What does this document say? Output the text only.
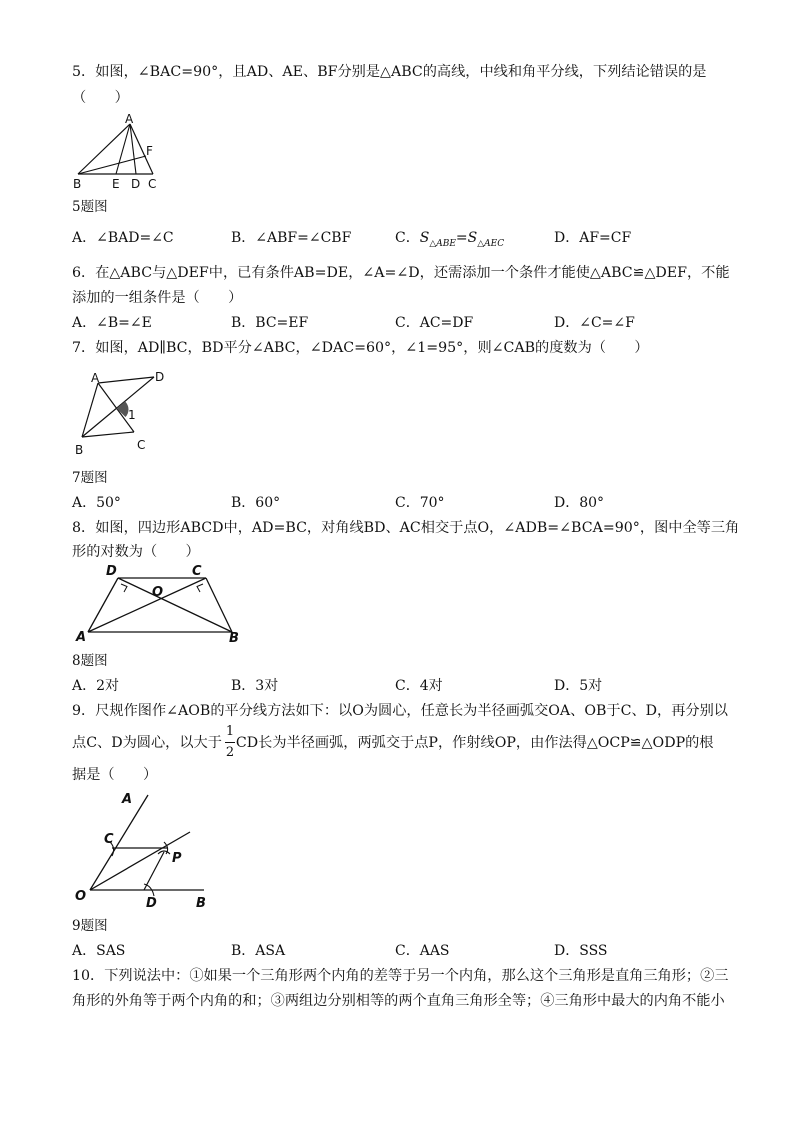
5．如图，∠BAC=90°，且AD、AE、BF分别是△ABC的高线，中线和角平分线，下列结论错误的是
（　　）
A
B	E D C
F
5题图
A．∠BAD=∠C	B．∠ABF=∠CBF	C．$S_{\triangle ABE}=S_{\triangle AEC}$	D．AF=CF
6．在△ABC与△DEF中，已有条件AB=DE，∠A=∠D，还需添加一个条件才能使△ABC≌△DEF，不能
添加的一组条件是（　　）
A．∠B=∠E	B．BC=EF	C．AC=DF	D．∠C=∠F
7．如图，AD∥BC，BD平分∠ABC，∠DAC=60°，∠1=95°，则∠CAB的度数为（　　）
A	D
B	C
1
7题图
A．50°	B．60°	C．70°	D．80°
8．如图，四边形ABCD中，AD=BC，对角线BD、AC相交于点O，∠ADB=∠BCA=90°，图中全等三角
形的对数为（　　）
D	C
O
A	B
8题图
A．2对	B．3对	C．4对	D．5对
9．尺规作图作∠AOB的平分线方法如下：以O为圆心，任意长为半径画弧交OA、OB于C、D，再分别以
点C、D为圆心，以大于 CD长为半径画弧，两弧交于点P，作射线OP，由作法得△OCP≌△ODP的根
1
2
据是（　　）
A
C
P
O	D	B
9题图
A．SAS	B．ASA	C．AAS	D．SSS
10．下列说法中：①如果一个三角形两个内角的差等于另一个内角，那么这个三角形是直角三角形；②三
角形的外角等于两个内角的和；③两组边分别相等的两个直角三角形全等；④三角形中最大的内角不能小
